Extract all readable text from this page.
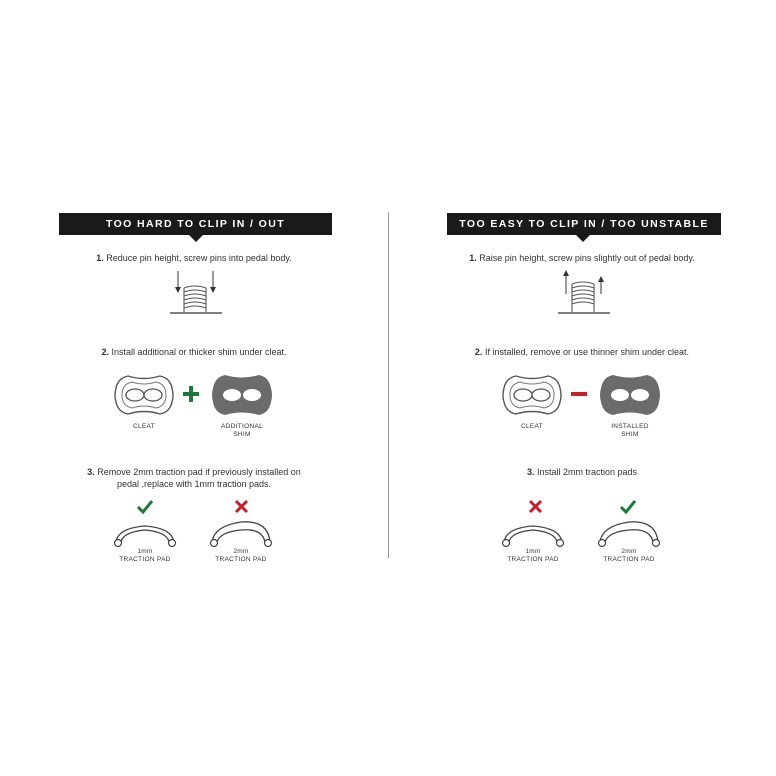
TOO HARD TO CLIP IN / OUT
1. Reduce pin height, screw pins into pedal body.
2. Install additional or thicker shim under cleat.
CLEAT	ADDITIONAL
SHIM
3. Remove 2mm traction pad if previously installed on
pedal ,replace with 1mm traction pads.
1mm
TRACTION PAD
2mm
TRACTION PAD
TOO EASY TO CLIP IN / TOO UNSTABLE
1. Raise pin height, screw pins slightly out of pedal body.
2. If installed, remove or use thinner shim under cleat.
CLEAT	INSTALLED
SHIM
3. Install 2mm traction pads
1mm
TRACTION PAD
2mm
TRACTION PAD
